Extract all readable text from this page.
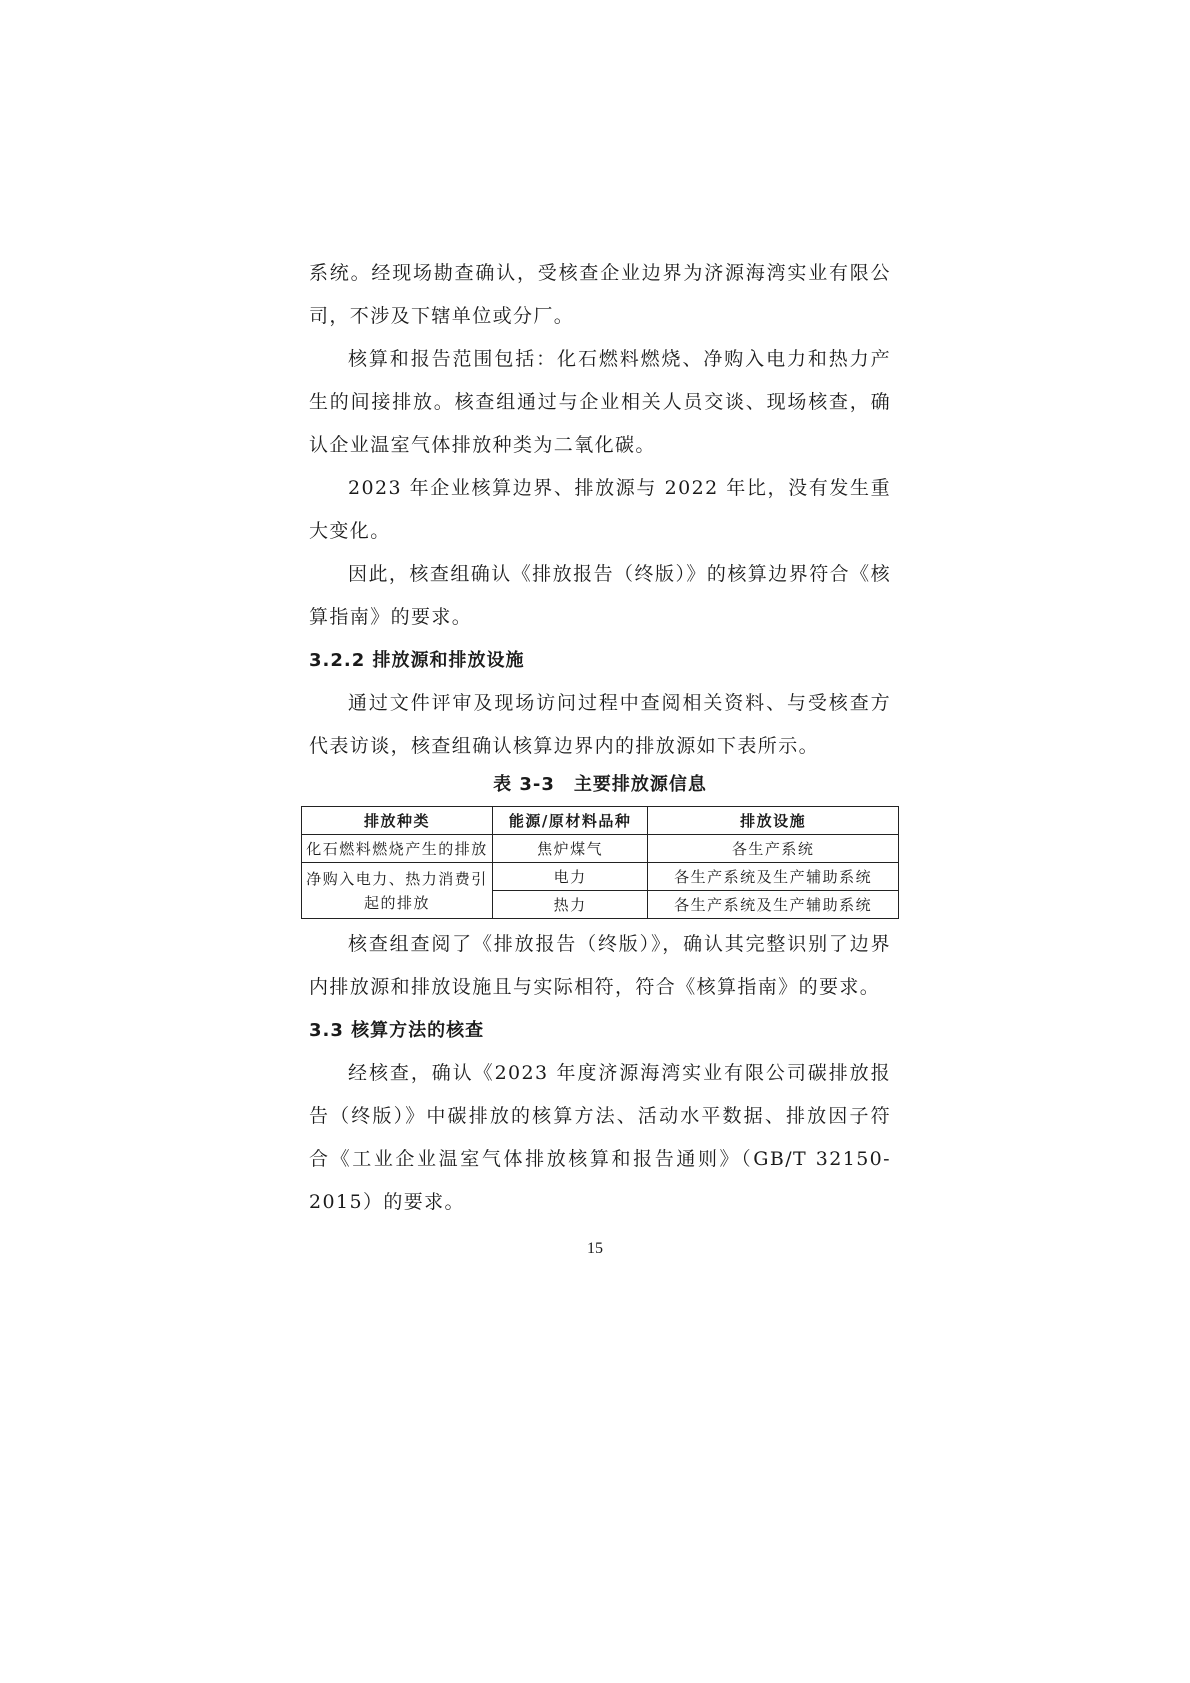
系统。经现场勘查确认，受核查企业边界为济源海湾实业有限公司，不涉及下辖单位或分厂。

核算和报告范围包括：化石燃料燃烧、净购入电力和热力产生的间接排放。核查组通过与企业相关人员交谈、现场核查，确认企业温室气体排放种类为二氧化碳。

2023 年企业核算边界、排放源与 2022 年比，没有发生重大变化。

因此，核查组确认《排放报告（终版）》的核算边界符合《核算指南》的要求。

3.2.2 排放源和排放设施

通过文件评审及现场访问过程中查阅相关资料、与受核查方代表访谈，核查组确认核算边界内的排放源如下表所示。

表 3-3　主要排放源信息
排放种类	能源/原材料品种	排放设施
化石燃料燃烧产生的排放	焦炉煤气	各生产系统
净购入电力、热力消费引起的排放	电力	各生产系统及生产辅助系统
	热力	各生产系统及生产辅助系统

核查组查阅了《排放报告（终版）》，确认其完整识别了边界内排放源和排放设施且与实际相符，符合《核算指南》的要求。

3.3 核算方法的核查

经核查，确认《2023 年度济源海湾实业有限公司碳排放报告（终版）》中碳排放的核算方法、活动水平数据、排放因子符合《工业企业温室气体排放核算和报告通则》（GB/T 32150-2015）的要求。

15
